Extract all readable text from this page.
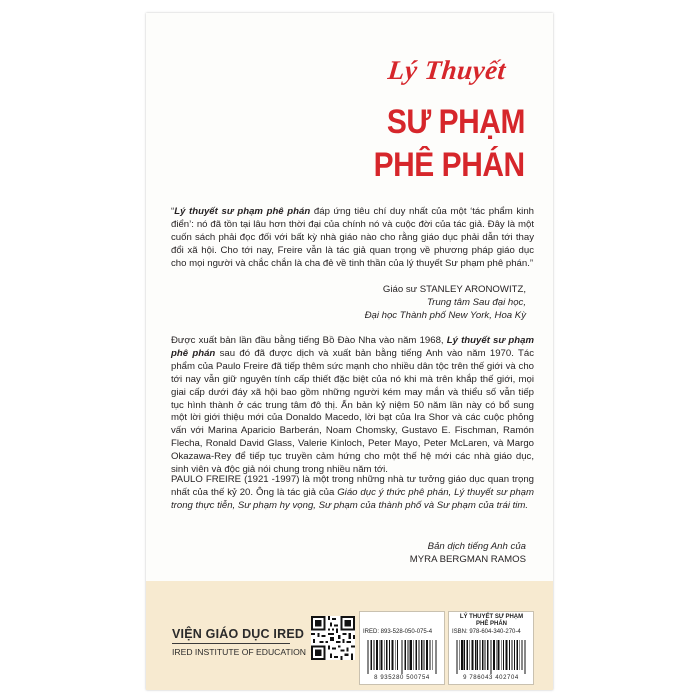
Lý Thuyết

SƯ PHẠM
PHÊ PHÁN

“Lý thuyết sư phạm phê phán đáp ứng tiêu chí duy nhất của một ‘tác phẩm kinh điển’: nó đã tồn tại lâu hơn thời đại của chính nó và cuộc đời của tác giả. Đây là một cuốn sách phải đọc đối với bất kỳ nhà giáo nào cho rằng giáo dục phải dẫn tới thay đổi xã hội. Cho tới nay, Freire vẫn là tác giả quan trọng về phương pháp giáo dục cho mọi người và chắc chắn là cha đẻ về tinh thần của lý thuyết Sư phạm phê phán.”

Giáo sư STANLEY ARONOWITZ,
Trung tâm Sau đại học,
Đại học Thành phố New York, Hoa Kỳ

Được xuất bản lần đầu bằng tiếng Bồ Đào Nha vào năm 1968, Lý thuyết sư phạm phê phán sau đó đã được dịch và xuất bản bằng tiếng Anh vào năm 1970. Tác phẩm của Paulo Freire đã tiếp thêm sức mạnh cho nhiều dân tộc trên thế giới và cho tới nay vẫn giữ nguyên tính cấp thiết đặc biệt của nó khi mà trên khắp thế giới, mọi giai cấp dưới đáy xã hội bao gồm những người kém may mắn và thiểu số vẫn tiếp tục hình thành ở các trung tâm đô thị. Ấn bản kỷ niệm 50 năm lần này có bổ sung một lời giới thiệu mới của Donaldo Macedo, lời bạt của Ira Shor và các cuộc phỏng vấn với Marina Aparicio Barberán, Noam Chomsky, Gustavo E. Fischman, Ramón Flecha, Ronald David Glass, Valerie Kinloch, Peter Mayo, Peter McLaren, và Margo Okazawa-Rey để tiếp tục truyền cảm hứng cho một thế hệ mới các nhà giáo dục, sinh viên và độc giả nói chung trong nhiều năm tới.

PAULO FREIRE (1921 -1997) là một trong những nhà tư tưởng giáo dục quan trọng nhất của thế kỷ 20. Ông là tác giả của Giáo dục ý thức phê phán, Lý thuyết sư phạm trong thực tiễn, Sư phạm hy vọng, Sư phạm của thành phố và Sư phạm của trái tim.

Bản dịch tiếng Anh của
MYRA BERGMAN RAMOS

VIỆN GIÁO DỤC IRED

IRED INSTITUTE OF EDUCATION

IRED: 893-528-050-075-4

8 935280 500754

LÝ THUYẾT SƯ PHẠM

PHÊ PHÁN

ISBN: 978-604-340-270-4

9 786043 402704
